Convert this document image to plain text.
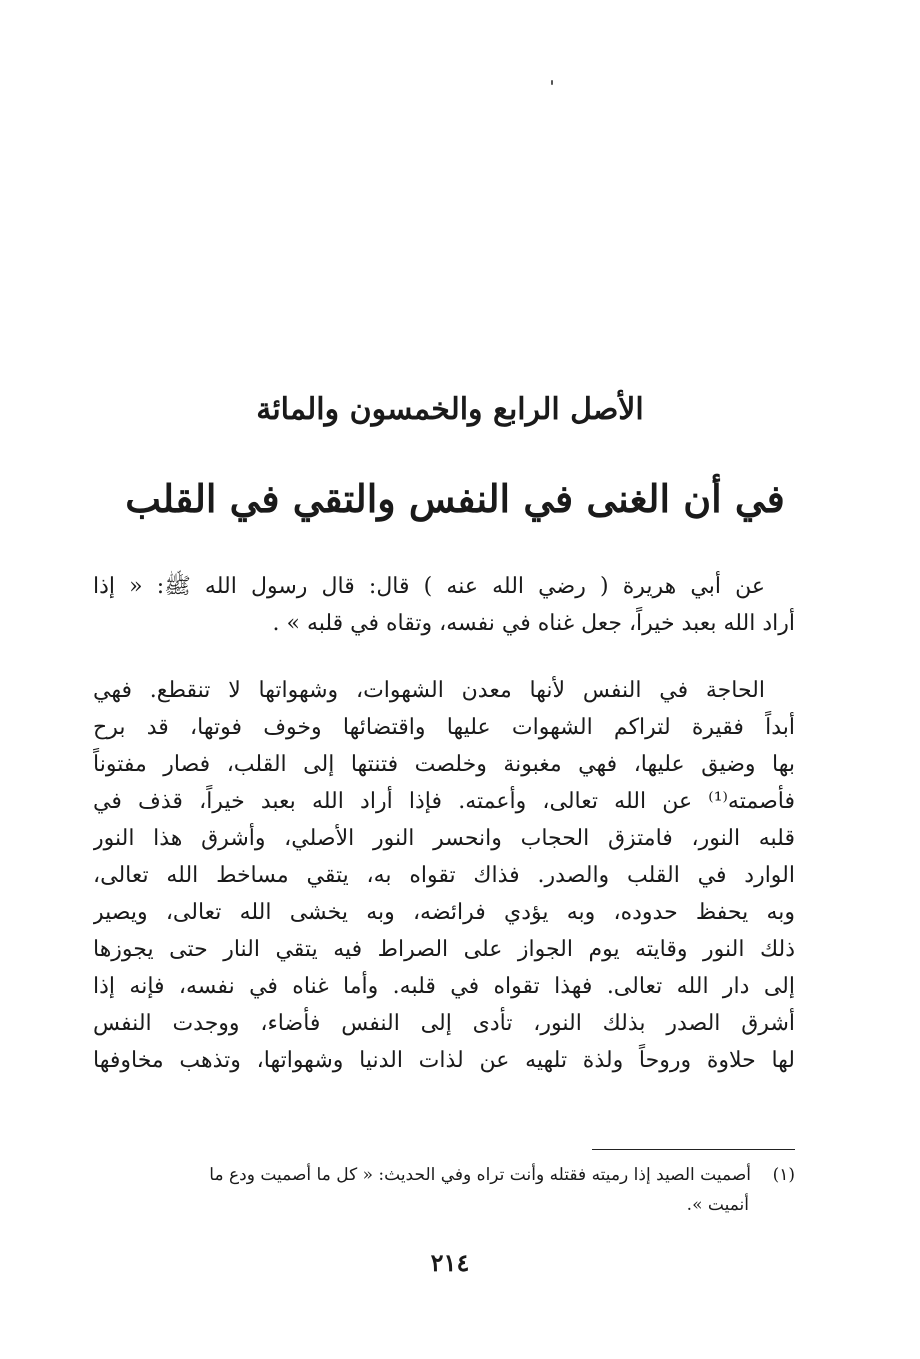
الأصل الرابع والخمسون والمائة
في أن الغنى في النفس والتقي في القلب
عن أبي هريرة ( رضي الله عنه ) قال: قال رسول الله ﷺ: « إذا
أراد الله بعبد خيراً، جعل غناه في نفسه، وتقاه في قلبه » .
الحاجة في النفس لأنها معدن الشهوات، وشهواتها لا تنقطع. فهي
أبداً فقيرة لتراكم الشهوات عليها واقتضائها وخوف فوتها، قد برح
بها وضيق عليها، فهي مغبونة وخلصت فتنتها إلى القلب، فصار مفتوناً
فأصمته⁽¹⁾ عن الله تعالى، وأعمته. فإذا أراد الله بعبد خيراً، قذف في
قلبه النور، فامتزق الحجاب وانحسر النور الأصلي، وأشرق هذا النور
الوارد في القلب والصدر. فذاك تقواه به، يتقي مساخط الله تعالى،
وبه يحفظ حدوده، وبه يؤدي فرائضه، وبه يخشى الله تعالى، ويصير
ذلك النور وقايته يوم الجواز على الصراط فيه يتقي النار حتى يجوزها
إلى دار الله تعالى. فهذا تقواه في قلبه. وأما غناه في نفسه، فإنه إذا
أشرق الصدر بذلك النور، تأدى إلى النفس فأضاء، ووجدت النفس
لها حلاوة وروحاً ولذة تلهيه عن لذات الدنيا وشهواتها، وتذهب مخاوفها
(١)أصميت الصيد إذا رميته فقتله وأنت تراه وفي الحديث: « كل ما أصميت ودع ما
أنميت ».
٢١٤
